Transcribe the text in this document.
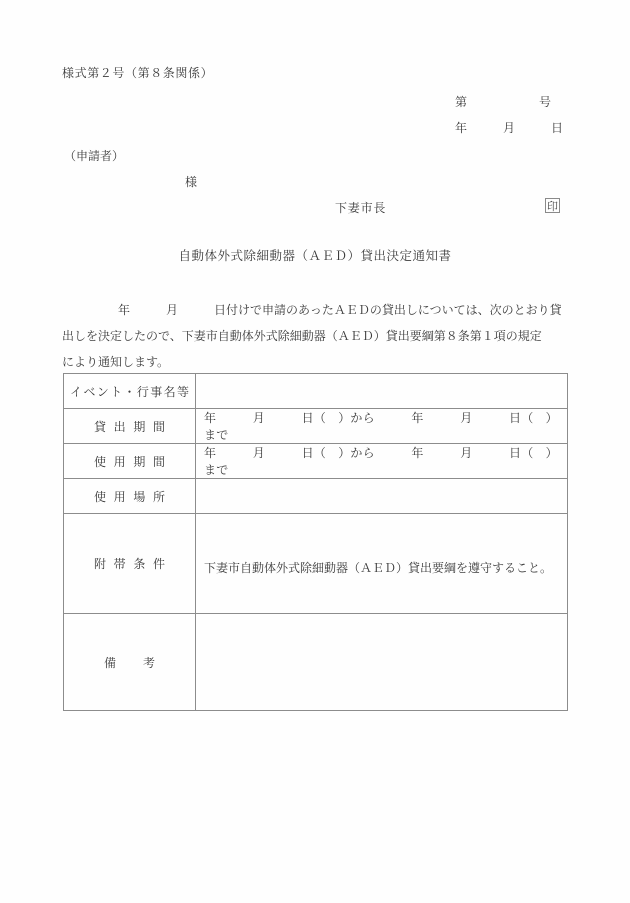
様式第２号（第８条関係）
第　　　　　　号
年　　　月　　　日
（申請者）
様
下妻市長	印
自動体外式除細動器（ＡＥＤ）貸出決定通知書
年　　　月　　　日付けで申請のあったＡＥＤの貸出しについては、次のとおり貸
出しを決定したので、下妻市自動体外式除細動器（ＡＥＤ）貸出要綱第８条第１項の規定
により通知します。
イベント・行事名等	

貸出期間	年　　　月　　　日（　）から　　　年　　　月　　　日（　）まで

使用期間	年　　　月　　　日（　）から　　　年　　　月　　　日（　）まで

使用場所	

附帯条件	下妻市自動体外式除細動器（ＡＥＤ）貸出要綱を遵守すること。

備考	
